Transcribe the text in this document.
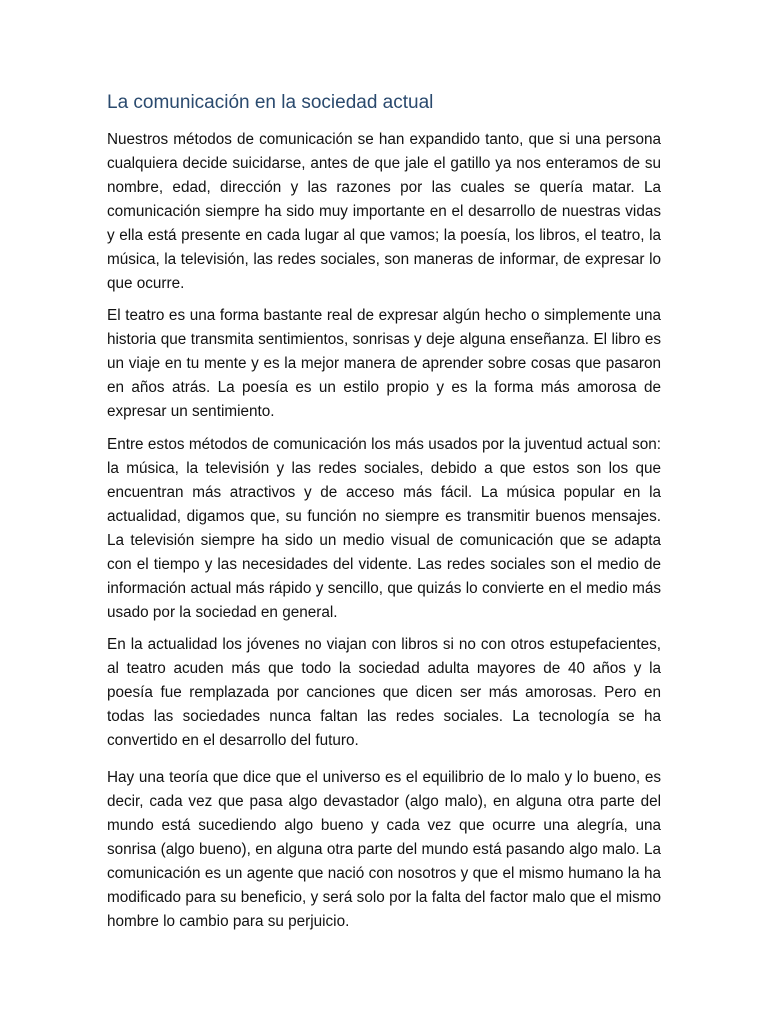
La comunicación en la sociedad actual

Nuestros métodos de comunicación se han expandido tanto, que si una persona cualquiera decide suicidarse, antes de que jale el gatillo ya nos enteramos de su nombre, edad, dirección y las razones por las cuales se quería matar. La comunicación siempre ha sido muy importante en el desarrollo de nuestras vidas y ella está presente en cada lugar al que vamos; la poesía, los libros, el teatro, la música, la televisión, las redes sociales, son maneras de informar, de expresar lo que ocurre.

El teatro es una forma bastante real de expresar algún hecho o simplemente una historia que transmita sentimientos, sonrisas y deje alguna enseñanza. El libro es un viaje en tu mente y es la mejor manera de aprender sobre cosas que pasaron en años atrás. La poesía es un estilo propio y es la forma más amorosa de expresar un sentimiento.

Entre estos métodos de comunicación los más usados por la juventud actual son: la música, la televisión y las redes sociales, debido a que estos son los que encuentran más atractivos y de acceso más fácil. La música popular en la actualidad, digamos que, su función no siempre es transmitir buenos mensajes. La televisión siempre ha sido un medio visual de comunicación que se adapta con el tiempo y las necesidades del vidente. Las redes sociales son el medio de información actual más rápido y sencillo, que quizás lo convierte en el medio más usado por la sociedad en general.

En la actualidad los jóvenes no viajan con libros si no con otros estupefacientes, al teatro acuden más que todo la sociedad adulta mayores de 40 años y la poesía fue remplazada por canciones que dicen ser más amorosas. Pero en todas las sociedades nunca faltan las redes sociales. La tecnología se ha convertido en el desarrollo del futuro.

Hay una teoría que dice que el universo es el equilibrio de lo malo y lo bueno, es decir, cada vez que pasa algo devastador (algo malo), en alguna otra parte del mundo está sucediendo algo bueno y cada vez que ocurre una alegría, una sonrisa (algo bueno), en alguna otra parte del mundo está pasando algo malo. La comunicación es un agente que nació con nosotros y que el mismo humano la ha modificado para su beneficio, y será solo por la falta del factor malo que el mismo hombre lo cambio para su perjuicio.
